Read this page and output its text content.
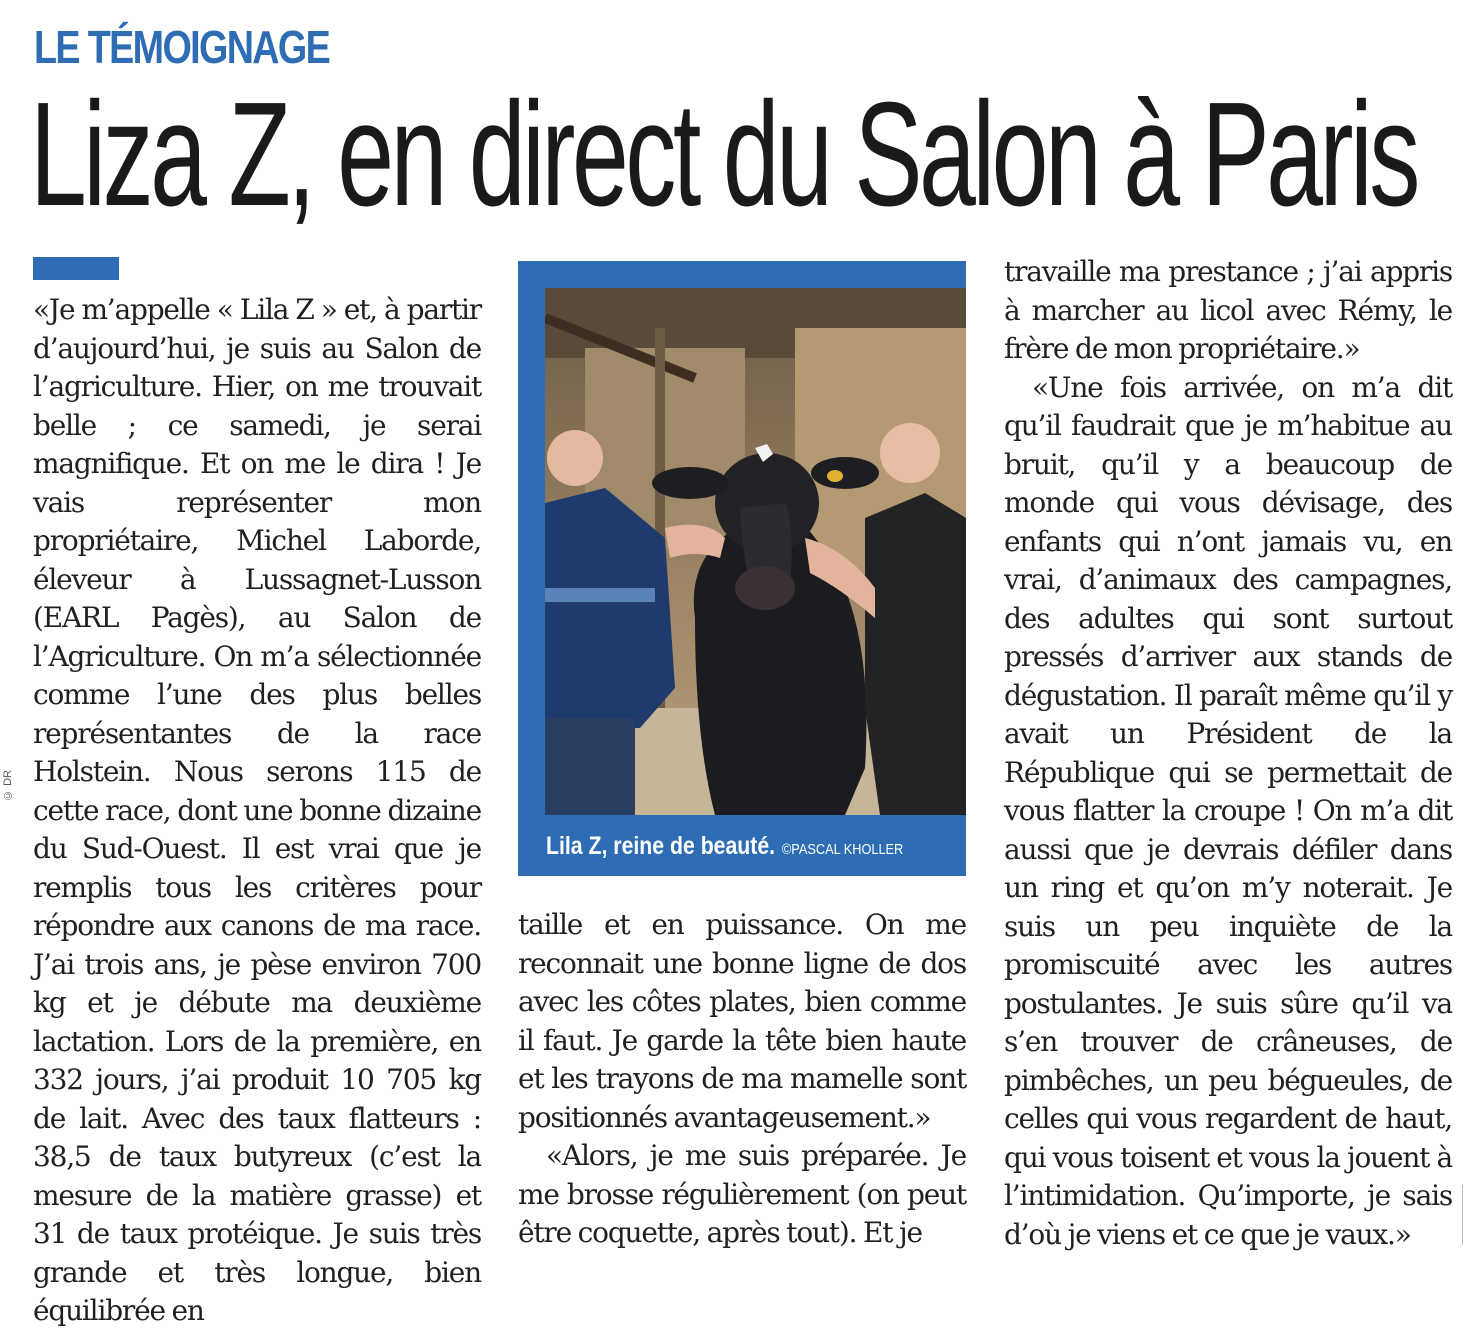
LE TÉMOIGNAGE
Liza Z, en direct du Salon à Paris
© DR

«Je m’appelle « Lila Z » et, à partir d’aujourd’hui, je suis au Salon de l’agriculture. Hier, on me trouvait belle ; ce samedi, je serai magnifique. Et on me le dira ! Je vais représenter mon propriétaire, Michel Laborde, éleveur à Lussagnet-Lusson (EARL Pagès), au Salon de l’Agriculture. On m’a sélectionnée comme l’une des plus belles représentantes de la race Holstein. Nous serons 115 de cette race, dont une bonne dizaine du Sud-Ouest. Il est vrai que je remplis tous les critères pour répondre aux canons de ma race. J’ai trois ans, je pèse environ 700 kg et je débute ma deuxième lactation. Lors de la première, en 332 jours, j’ai produit 10 705 kg de lait. Avec des taux flatteurs : 38,5 de taux butyreux (c’est la mesure de la matière grasse) et 31 de taux protéique. Je suis très grande et très longue, bien équilibrée en

Lila Z, reine de beauté. ©PASCAL KHOLLER

taille et en puissance. On me reconnait une bonne ligne de dos avec les côtes plates, bien comme il faut. Je garde la tête bien haute et les trayons de ma mamelle sont positionnés avantageusement.»

«Alors, je me suis préparée. Je me brosse régulièrement (on peut être coquette, après tout). Et je

travaille ma prestance ; j’ai appris à marcher au licol avec Rémy, le frère de mon propriétaire.»

«Une fois arrivée, on m’a dit qu’il faudrait que je m’habitue au bruit, qu’il y a beaucoup de monde qui vous dévisage, des enfants qui n’ont jamais vu, en vrai, d’animaux des campagnes, des adultes qui sont surtout pressés d’arriver aux stands de dégustation. Il paraît même qu’il y avait un Président de la République qui se permettait de vous flatter la croupe ! On m’a dit aussi que je devrais défiler dans un ring et qu’on m’y noterait. Je suis un peu inquiète de la promiscuité avec les autres postulantes. Je suis sûre qu’il va s’en trouver de crâneuses, de pimbêches, un peu bégueules, de celles qui vous regardent de haut, qui vous toisent et vous la jouent à l’intimidation. Qu’importe, je sais d’où je viens et ce que je vaux.»
